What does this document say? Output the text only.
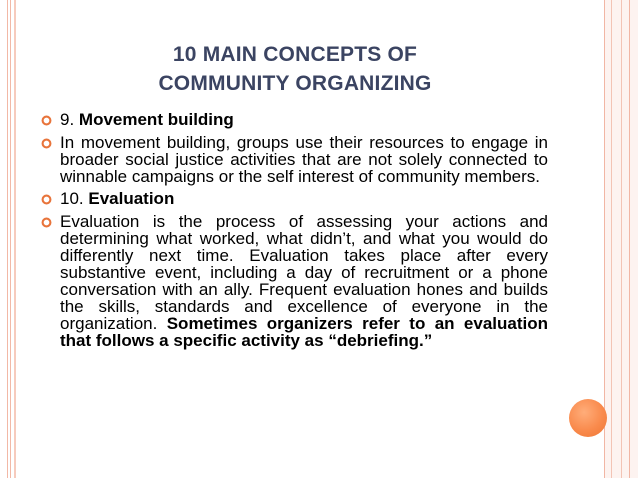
10 MAIN CONCEPTS OF
COMMUNITY ORGANIZING
9. Movement building
In movement building, groups use their resources to engage in broader social justice activities that are not solely connected to winnable campaigns or the self interest of community members.
10. Evaluation
Evaluation is the process of assessing your actions and determining what worked, what didn’t, and what you would do differently next time. Evaluation takes place after every substantive event, including a day of recruitment or a phone conversation with an ally. Frequent evaluation hones and builds the skills, standards and excellence of everyone in the organization. Sometimes organizers refer to an evaluation that follows a specific activity as “debriefing.”
